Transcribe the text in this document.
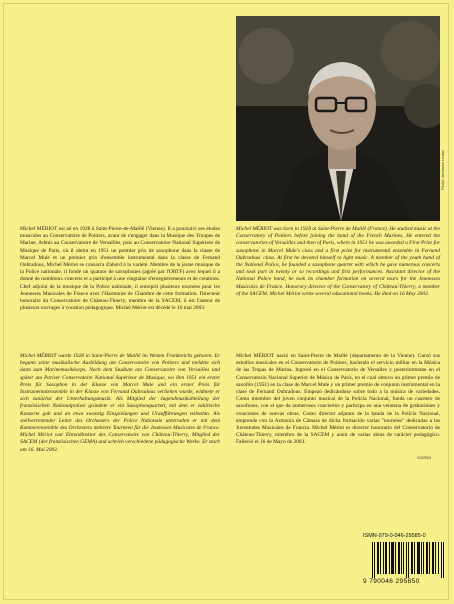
Photo: Archives Leduc
Michel MÉRIOT est né en 1928 à Saint-Pierre-de-Maillé (Vienne). Il a poursuivi ses études musicales au Conservatoire de Poitiers, avant de s'engager dans la Musique des Troupes de Marine. Admis au Conservatoire de Versailles, puis au Conservatoire National Supérieur de Musique de Paris, où il obtint en 1951 un premier prix de saxophone dans la classe de Marcel Mule et un premier prix d'ensemble instrumental dans la classe de Fernand Oubradous, Michel Mériot se consacra d'abord à la variété. Membre de la jeune musique de la Police nationale, il fonde un quatuor de saxophones (agréé par l'ORTF) avec lequel il a donné de nombreux concerts et a participé à une vingtaine d'enregistrements et de créations. Chef adjoint de la musique de la Police nationale, il entreprit plusieurs tournées pour les Jeunesses Musicales de France avec l'Harmonie de Chambre de cette formation. Directeur honoraire du Conservatoire de Château-Thierry, membre de la SACEM, il est l'auteur de plusieurs ouvrages à vocation pédagogique. Michel Mériot est décédé le 16 mai 2003.
Michel MÉRIOT was born in 1928 at Saint-Pierre de Maillé (France). He studied music at the Conservatory of Poitiers before joining the band of the French Marines. He entered the conservatories of Versailles and then of Paris, where in 1951 he was awarded a First Prize for saxophone in Marcel Mule's class and a first prize for instrumental ensemble in Fernand Oubradous' class. At first he devoted himself to light music. A member of the youth band of the National Police, he founded a saxophone quartet with which he gave numerous concerts and took part in twenty or so recordings and first performances. Assistant director of the National Police band, he took its chamber formation on several tours for the Jeunesses Musicales de France. Honorary director of the Conservatory of Château-Thierry, a member of the SACEM, Michel Mériot wrote several educational books. He died on 16 May 2003.
Michel MÉRIOT wurde 1928 in Saint-Pierre de Maillé im Westen Frankreichs geboren. Er begann seine musikalische Ausbildung am Conservatoire von Poitiers und meldete sich dann zum Marinemusikkorps. Nach dem Studium am Conservatoire von Versailles und später am Pariser Conservatoire National Supérieur de Musique, wo ihm 1951 ein erster Preis für Saxophon in der Klasse von Marcel Mule und ein erster Preis für Instrumentalensemble in der Klasse von Fernand Oubradous verliehen wurde, widmete er sich zunächst der Unterhaltungsmusik. Als Mitglied der Jugendmusikabteilung der französischen Nationalpolizei gründete er ein Saxophonquartett, mit dem er zahlreiche Konzerte gab und an etwa zwanzig Einspielungen und Uraufführungen teilnahm. Als stellvertretender Leiter des Orchesters der Police Nationale unternahm er mit dem Kammerensemble des Orchesters mehrere Tourneen für die Jeunesses Musicales de France. Michel Mériot war Ehrendirektor des Conservatoire von Château-Thierry, Mitglied der SACEM (der französischen GEMA) und schrieb verschiedene pädagogische Werke. Er starb am 16. Mai 2003.
Michel MÉRIOT nació en Saint-Pierre de Maillé (departamento de la Vienne). Cursó sus estudios musicales en el Conservatorio de Poitiers, haciendo el servicio militar en la Música de las Tropas de Marina. Ingresó en el Conservatorio de Versalles y posteriormente en el Conservatorio Nacional Superior de Música de París, en el cual obtuvo un primer premio de saxofón (1951) en la clase de Marcel Mule y un primer premio de conjunto instrumental en la clase de Fernand Oubradous. Empezó dedicándose sobre todo a la música de variedades. Como miembro del joven conjunto musical de la Policía Nacional, funda un cuarteto de saxofones, con el que da numerosos conciertos y participa en una veintena de grabaciones y creaciones de nuevas obras. Como director adjunto de la banda de la Policía Nacional, emprende con la Armonía de Cámara de dicha formación varias "tournées" dedicadas a las Juventudes Musicales de Francia. Michel Mériot es director honorario del Conservatorio de Château-Thierry, miembro de la SACEM y autor de varias obras de carácter pedagógico. Falleció el 16 de Mayo de 2003.
XII/2003
ISMN-979-0-046-29585-0
9 790046 295850
